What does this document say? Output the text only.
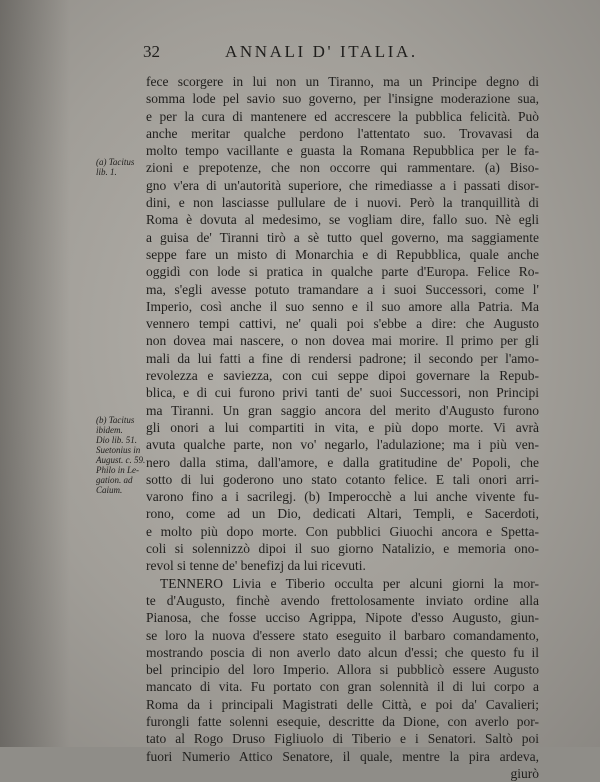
32	ANNALI D' ITALIA.
(a) Tacitus
lib. 1.
(b) Tacitus
ibidem.
Dio lib. 51.
Suetonius in
August. c. 59.
Philo in Le-
gation. ad
Caium.
fece scorgere in lui non un Tiranno, ma un Principe degno di
somma lode pel savio suo governo, per l'insigne moderazione sua,
e per la cura di mantenere ed accrescere la pubblica felicità. Può
anche meritar qualche perdono l'attentato suo. Trovavasi da
molto tempo vacillante e guasta la Romana Repubblica per le fa-
zioni e prepotenze, che non occorre qui rammentare. (a) Biso-
gno v'era di un'autorità superiore, che rimediasse a i passati disor-
dini, e non lasciasse pullulare de i nuovi. Però la tranquillità di
Roma è dovuta al medesimo, se vogliam dire, fallo suo. Nè egli
a guisa de' Tiranni tirò a sè tutto quel governo, ma saggiamente
seppe fare un misto di Monarchia e di Repubblica, quale anche
oggidì con lode si pratica in qualche parte d'Europa. Felice Ro-
ma, s'egli avesse potuto tramandare a i suoi Successori, come l'
Imperio, così anche il suo senno e il suo amore alla Patria. Ma
vennero tempi cattivi, ne' quali poi s'ebbe a dire: che Augusto
non dovea mai nascere, o non dovea mai morire. Il primo per gli
mali da lui fatti a fine di rendersi padrone; il secondo per l'amo-
revolezza e saviezza, con cui seppe dipoi governare la Repub-
blica, e di cui furono privi tanti de' suoi Successori, non Principi
ma Tiranni. Un gran saggio ancora del merito d'Augusto furono
gli onori a lui compartiti in vita, e più dopo morte. Vi avrà
avuta qualche parte, non vo' negarlo, l'adulazione; ma i più ven-
nero dalla stima, dall'amore, e dalla gratitudine de' Popoli, che
sotto di lui goderono uno stato cotanto felice. E tali onori arri-
varono fino a i sacrilegj. (b) Imperocchè a lui anche vivente fu-
rono, come ad un Dio, dedicati Altari, Templi, e Sacerdoti,
e molto più dopo morte. Con pubblici Giuochi ancora e Spetta-
coli si solennizzò dipoi il suo giorno Natalizio, e memoria ono-
revol si tenne de' benefizj da lui ricevuti.
TENNERO Livia e Tiberio occulta per alcuni giorni la mor-
te d'Augusto, finchè avendo frettolosamente inviato ordine alla
Pianosa, che fosse ucciso Agrippa, Nipote d'esso Augusto, giun-
se loro la nuova d'essere stato eseguito il barbaro comandamento,
mostrando poscia di non averlo dato alcun d'essi; che questo fu il
bel principio del loro Imperio. Allora si pubblicò essere Augusto
mancato di vita. Fu portato con gran solennità il di lui corpo a
Roma da i principali Magistrati delle Città, e poi da' Cavalieri;
furongli fatte solenni esequie, descritte da Dione, con averlo por-
tato al Rogo Druso Figliuolo di Tiberio e i Senatori. Saltò poi
fuori Numerio Attico Senatore, il quale, mentre la pira ardeva,
giurò
